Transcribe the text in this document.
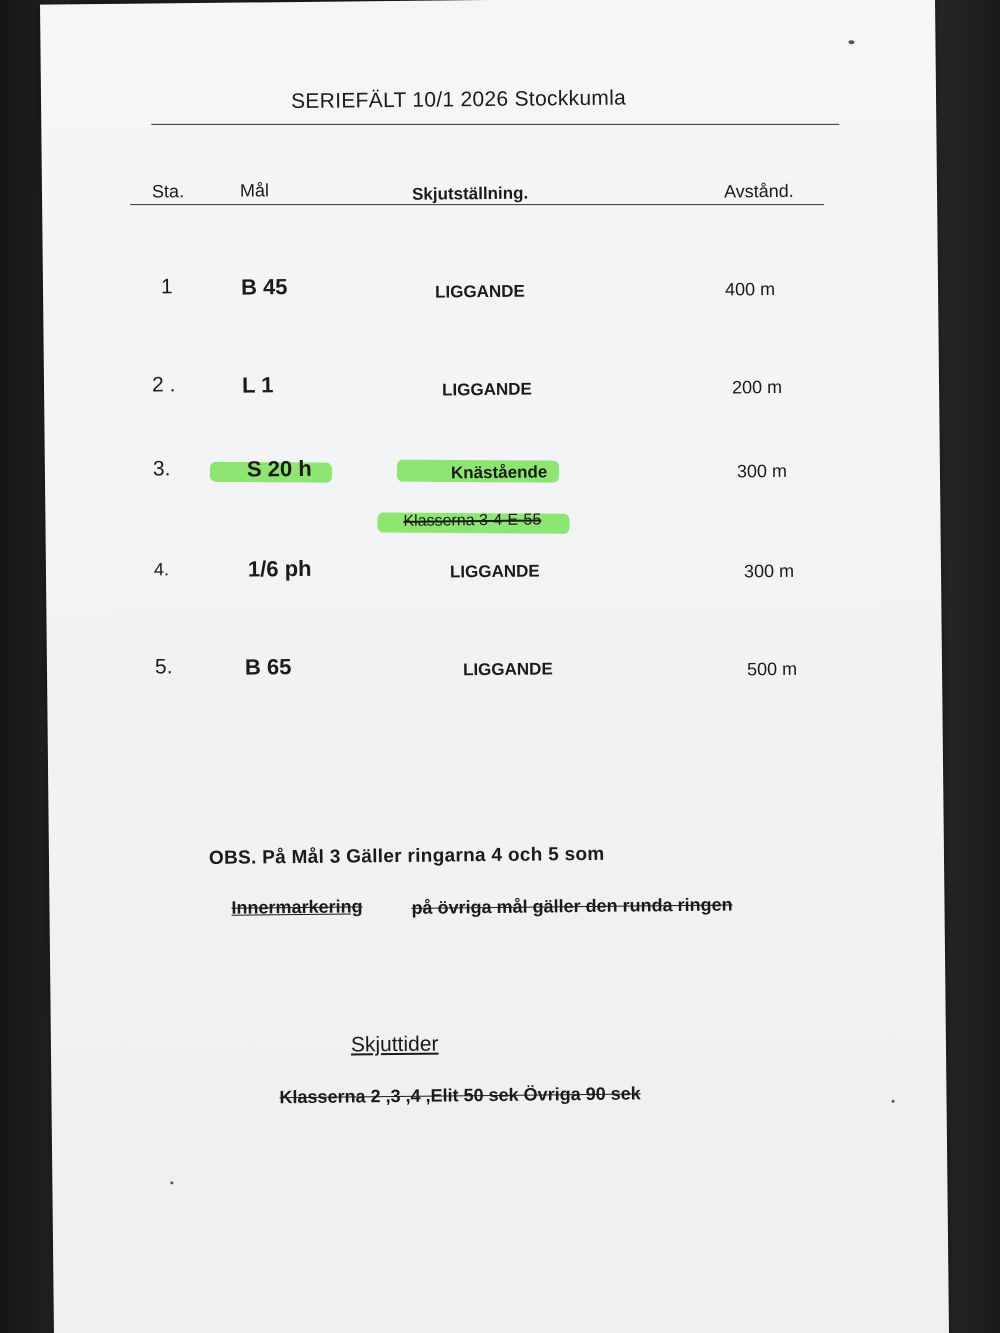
SERIEFÄLT 10/1 2026 Stockkumla
Sta.	Mål	Skjutställning.	Avstånd.
1	B 45	LIGGANDE	400 m
2 .	L 1	LIGGANDE	200 m
3.	S 20 h	Knästående	300 m
Klasserna 3-4-E-55
4.	1/6 ph	LIGGANDE	300 m
5.	B 65	LIGGANDE	500 m
OBS. På Mål 3 Gäller ringarna 4 och 5 som
Innermarkering	på övriga mål gäller den runda ringen
Skjuttider
Klasserna 2 ,3 ,4 ,Elit 50 sek Övriga 90 sek
